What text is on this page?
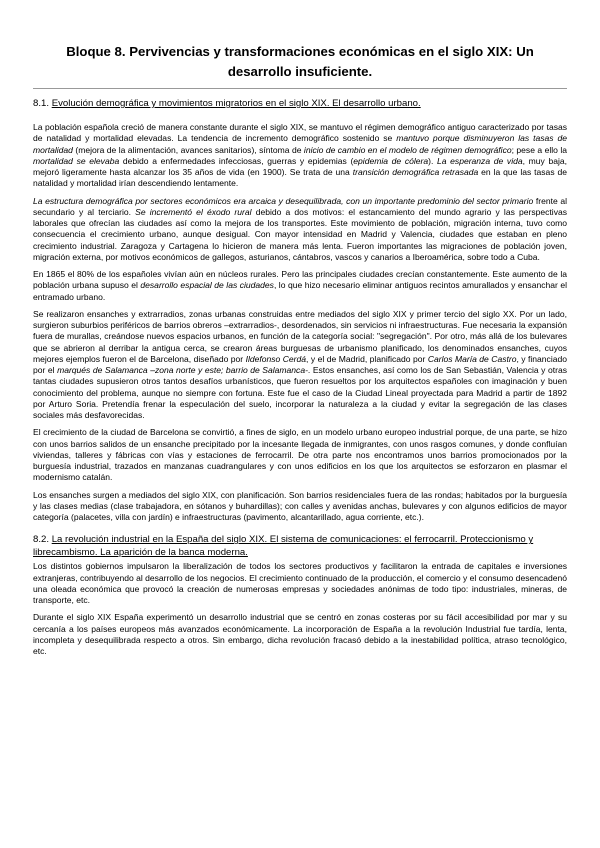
Bloque 8. Pervivencias y transformaciones económicas en el siglo XIX: Un desarrollo insuficiente.
8.1. Evolución demográfica y movimientos migratorios en el siglo XIX. El desarrollo urbano.

La población española creció de manera constante durante el siglo XIX, se mantuvo el régimen demográfico antiguo caracterizado por tasas de natalidad y mortalidad elevadas. La tendencia de incremento demográfico sostenido se mantuvo porque disminuyeron las tasas de mortalidad (mejora de la alimentación, avances sanitarios), síntoma de inicio de cambio en el modelo de régimen demográfico; pese a ello la mortalidad se elevaba debido a enfermedades infecciosas, guerras y epidemias (epidemia de cólera). La esperanza de vida, muy baja, mejoró ligeramente hasta alcanzar los 35 años de vida (en 1900). Se trata de una transición demográfica retrasada en la que las tasas de natalidad y mortalidad irían descendiendo lentamente.

La estructura demográfica por sectores económicos era arcaica y desequilibrada, con un importante predominio del sector primario frente al secundario y al terciario. Se incrementó el éxodo rural debido a dos motivos: el estancamiento del mundo agrario y las perspectivas laborales que ofrecían las ciudades así como la mejora de los transportes. Este movimiento de población, migración interna, tuvo como consecuencia el crecimiento urbano, aunque desigual. Con mayor intensidad en Madrid y Valencia, ciudades que estaban en pleno crecimiento industrial. Zaragoza y Cartagena lo hicieron de manera más lenta. Fueron importantes las migraciones de población joven, migración externa, por motivos económicos de gallegos, asturianos, cántabros, vascos y canarios a Iberoamérica, sobre todo a Cuba.

En 1865 el 80% de los españoles vivían aún en núcleos rurales. Pero las principales ciudades crecían constantemente. Este aumento de la población urbana supuso el desarrollo espacial de las ciudades, lo que hizo necesario eliminar antiguos recintos amurallados y ensanchar el entramado urbano.

Se realizaron ensanches y extrarradios, zonas urbanas construidas entre mediados del siglo XIX y primer tercio del siglo XX. Por un lado, surgieron suburbios periféricos de barrios obreros –extrarradios-, desordenados, sin servicios ni infraestructuras. Fue necesaria la expansión fuera de murallas, creándose nuevos espacios urbanos, en función de la categoría social: "segregación". Por otro, más allá de los bulevares que se abrieron al derribar la antigua cerca, se crearon áreas burguesas de urbanismo planificado, los denominados ensanches, cuyos mejores ejemplos fueron el de Barcelona, diseñado por Ildefonso Cerdá, y el de Madrid, planificado por Carlos María de Castro, y financiado por el marqués de Salamanca –zona norte y este; barrio de Salamanca-. Estos ensanches, así como los de San Sebastián, Valencia y otras tantas ciudades supusieron otros tantos desafíos urbanísticos, que fueron resueltos por los arquitectos españoles con imaginación y buen conocimiento del problema, aunque no siempre con fortuna. Este fue el caso de la Ciudad Lineal proyectada para Madrid a partir de 1892 por Arturo Soria. Pretendía frenar la especulación del suelo, incorporar la naturaleza a la ciudad y evitar la segregación de las clases sociales más desfavorecidas.

El crecimiento de la ciudad de Barcelona se convirtió, a fines de siglo, en un modelo urbano europeo industrial porque, de una parte, se hizo con unos barrios salidos de un ensanche precipitado por la incesante llegada de inmigrantes, con unos rasgos comunes, y donde confluían viviendas, talleres y fábricas con vías y estaciones de ferrocarril. De otra parte nos encontramos unos barrios promocionados por la burguesía industrial, trazados en manzanas cuadrangulares y con unos edificios en los que los arquitectos se esforzaron en plasmar el modernismo catalán.

Los ensanches surgen a mediados del siglo XIX, con planificación. Son barrios residenciales fuera de las rondas; habitados por la burguesía y las clases medias (clase trabajadora, en sótanos y buhardillas); con calles y avenidas anchas, bulevares y con algunos edificios de mayor categoría (palacetes, villa con jardín) e infraestructuras (pavimento, alcantarillado, agua corriente, etc.).

8.2. La revolución industrial en la España del siglo XIX. El sistema de comunicaciones: el ferrocarril. Proteccionismo y librecambismo. La aparición de la banca moderna.

Los distintos gobiernos impulsaron la liberalización de todos los sectores productivos y facilitaron la entrada de capitales e inversiones extranjeras, contribuyendo al desarrollo de los negocios. El crecimiento continuado de la producción, el comercio y el consumo desencadenó una oleada económica que provocó la creación de numerosas empresas y sociedades anónimas de todo tipo: industriales, mineras, de transporte, etc.

Durante el siglo XIX España experimentó un desarrollo industrial que se centró en zonas costeras por su fácil accesibilidad por mar y su cercanía a los países europeos más avanzados económicamente. La incorporación de España a la revolución Industrial fue tardía, lenta, incompleta y desequilibrada respecto a otros. Sin embargo, dicha revolución fracasó debido a la inestabilidad política, atraso tecnológico, etc.
